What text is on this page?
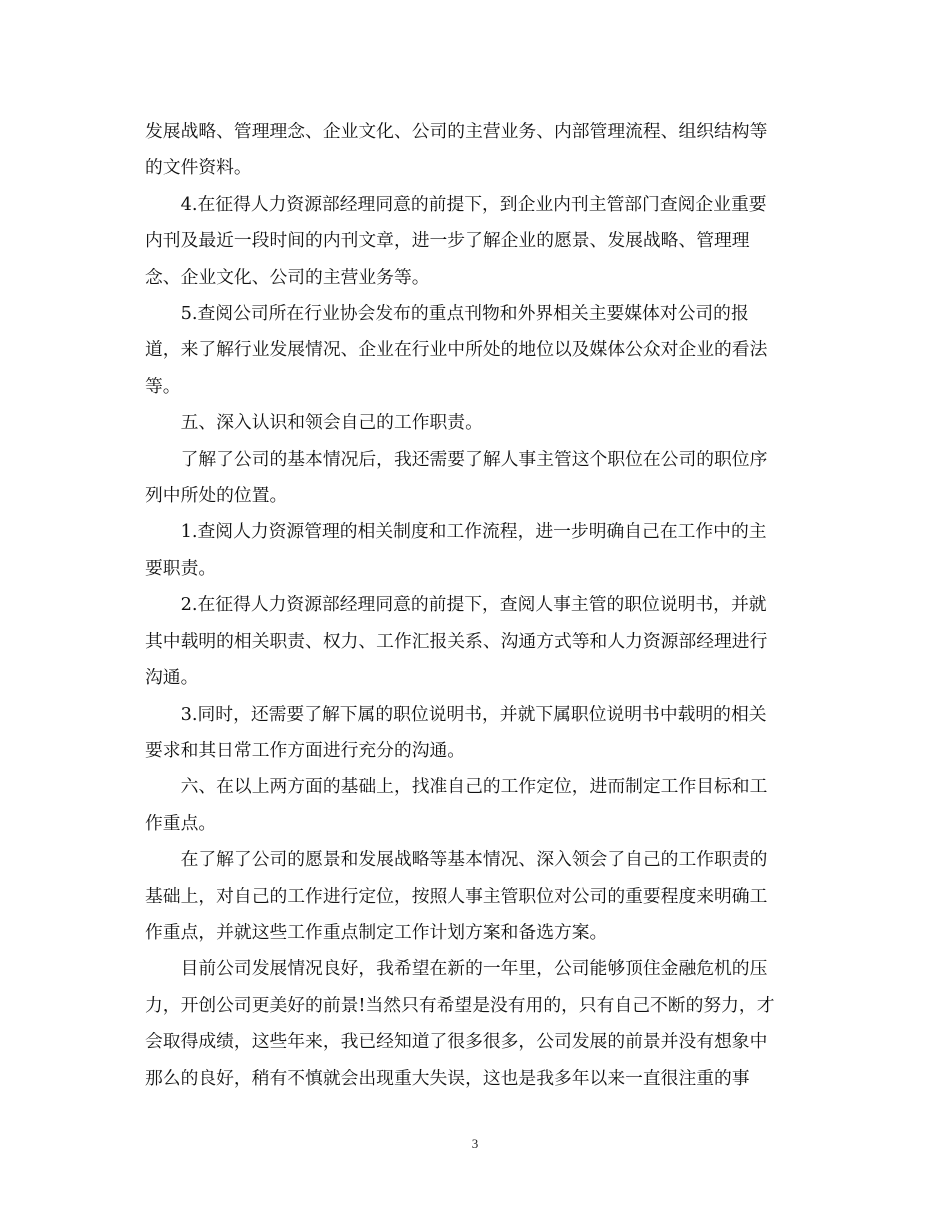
发展战略、管理理念、企业文化、公司的主营业务、内部管理流程、组织结构等

的文件资料。

　　4.在征得人力资源部经理同意的前提下，到企业内刊主管部门查阅企业重要

内刊及最近一段时间的内刊文章，进一步了解企业的愿景、发展战略、管理理

念、企业文化、公司的主营业务等。

　　5.查阅公司所在行业协会发布的重点刊物和外界相关主要媒体对公司的报

道，来了解行业发展情况、企业在行业中所处的地位以及媒体公众对企业的看法

等。

　　五、深入认识和领会自己的工作职责。

　　了解了公司的基本情况后，我还需要了解人事主管这个职位在公司的职位序

列中所处的位置。

　　1.查阅人力资源管理的相关制度和工作流程，进一步明确自己在工作中的主

要职责。

　　2.在征得人力资源部经理同意的前提下，查阅人事主管的职位说明书，并就

其中载明的相关职责、权力、工作汇报关系、沟通方式等和人力资源部经理进行

沟通。

　　3.同时，还需要了解下属的职位说明书，并就下属职位说明书中载明的相关

要求和其日常工作方面进行充分的沟通。

　　六、在以上两方面的基础上，找准自己的工作定位，进而制定工作目标和工

作重点。

　　在了解了公司的愿景和发展战略等基本情况、深入领会了自己的工作职责的

基础上，对自己的工作进行定位，按照人事主管职位对公司的重要程度来明确工

作重点，并就这些工作重点制定工作计划方案和备选方案。

　　目前公司发展情况良好，我希望在新的一年里，公司能够顶住金融危机的压

力，开创公司更美好的前景!当然只有希望是没有用的，只有自己不断的努力，才

会取得成绩，这些年来，我已经知道了很多很多，公司发展的前景并没有想象中

那么的良好，稍有不慎就会出现重大失误，这也是我多年以来一直很注重的事

3
